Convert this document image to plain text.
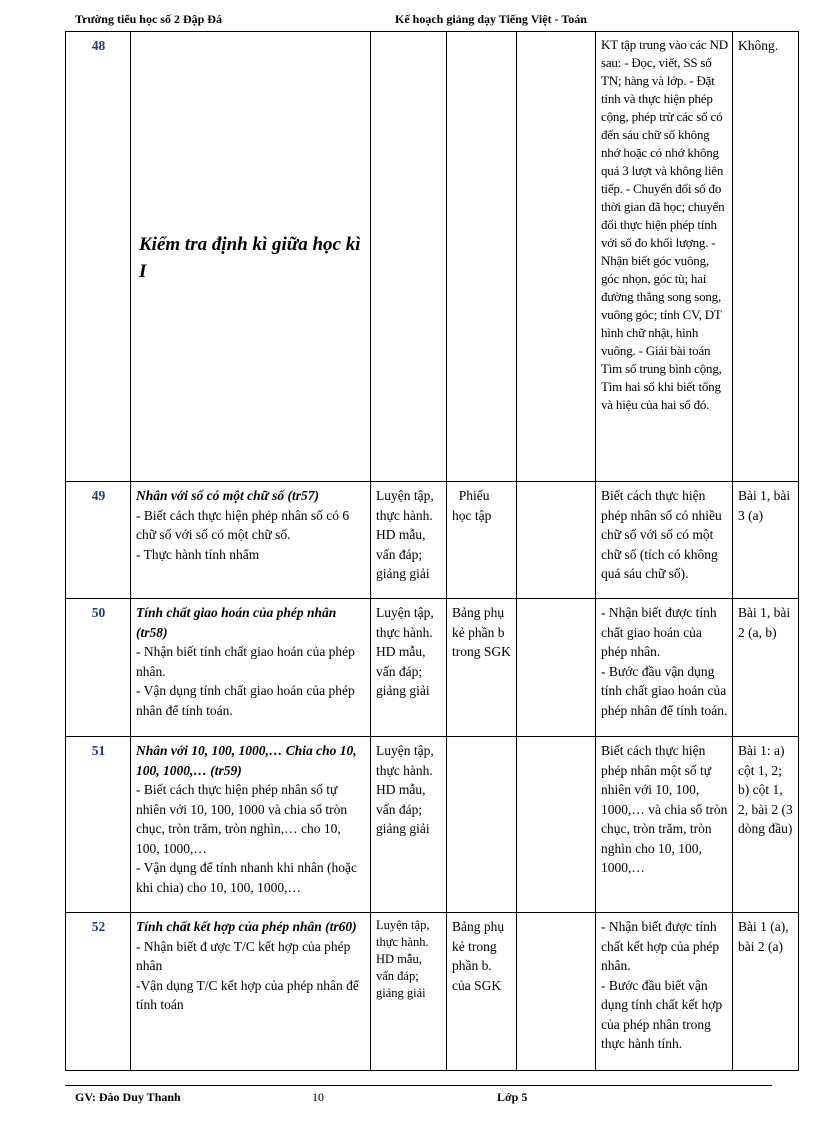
Trường tiểu học số 2 Đập Đá	Kế hoạch giảng dạy Tiếng Việt - Toán
48	Kiểm tra định kì giữa học kì I				KT tập trung vào các ND sau: - Đọc, viết, SS số TN; hàng và lớp. - Đặt tính và thực hiện phép cộng, phép trừ các số có đến sáu chữ số không nhớ hoặc có nhớ không quá 3 lượt và không liên tiếp. - Chuyển đổi số đo thời gian đã học; chuyển đổi thực hiện phép tính với số đo khối lượng. - Nhận biết góc vuông, góc nhọn, góc tù; hai đường thẳng song song, vuông góc; tính CV, DT hình chữ nhật, hình vuông. - Giải bài toán Tìm số trung bình cộng, Tìm hai số khi biết tổng và hiệu của hai số đó.	Không.
49	Nhân với số có một chữ số (tr57)
- Biết cách thực hiện phép nhân số có 6 chữ số với số có một chữ số.
- Thực hành tính nhẩm	Luyện tập, thực hành. HD mẫu, vấn đáp; giảng giải	Phiếu học tập		Biết cách thực hiện phép nhân số có nhiều chữ số với số có một chữ số (tích có không quá sáu chữ số).	Bài 1, bài 3 (a)
50	Tính chất giao hoán của phép nhân (tr58)
- Nhận biết tính chất giao hoán của phép nhân.
- Vận dụng tính chất giao hoán của phép nhân để tính toán.	Luyện tập, thực hành. HD mẫu, vấn đáp; giảng giải	Bảng phụ kẻ phần b trong SGK		- Nhận biết được tính chất giao hoán của phép nhân.
- Bước đầu vận dụng tính chất giao hoán của phép nhân để tính toán.	Bài 1, bài 2 (a, b)
51	Nhân với 10, 100, 1000,… Chia cho 10, 100, 1000,… (tr59)
- Biết cách thực hiện phép nhân số tự nhiên với 10, 100, 1000 và chia số tròn chục, tròn trăm, tròn nghìn,… cho 10, 100, 1000,…
- Vận dụng để tính nhanh khi nhân (hoặc khi chia) cho 10, 100, 1000,…	Luyện tập, thực hành. HD mẫu, vấn đáp; giảng giải			Biết cách thực hiện phép nhân một số tự nhiên với 10, 100, 1000,… và chia số tròn chục, tròn trăm, tròn nghìn cho 10, 100, 1000,…	Bài 1: a) cột 1, 2; b) cột 1, 2, bài 2 (3 dòng đầu)
52	Tính chất kết hợp của phép nhân (tr60)
- Nhận biết đ ược T/C kết hợp của phép nhân
-Vận dụng T/C kết hợp của phép nhân để tính toán	Luyện tập, thực hành. HD mẫu, vấn đáp; giảng giải	Bảng phụ kẻ trong phần b. của SGK		- Nhận biết được tính chất kết hợp của phép nhân.
- Bước đầu biết vận dụng tính chất kết hợp của phép nhân trong thực hành tính.	Bài 1 (a), bài 2 (a)
GV: Đào Duy Thanh	10	Lớp 5
